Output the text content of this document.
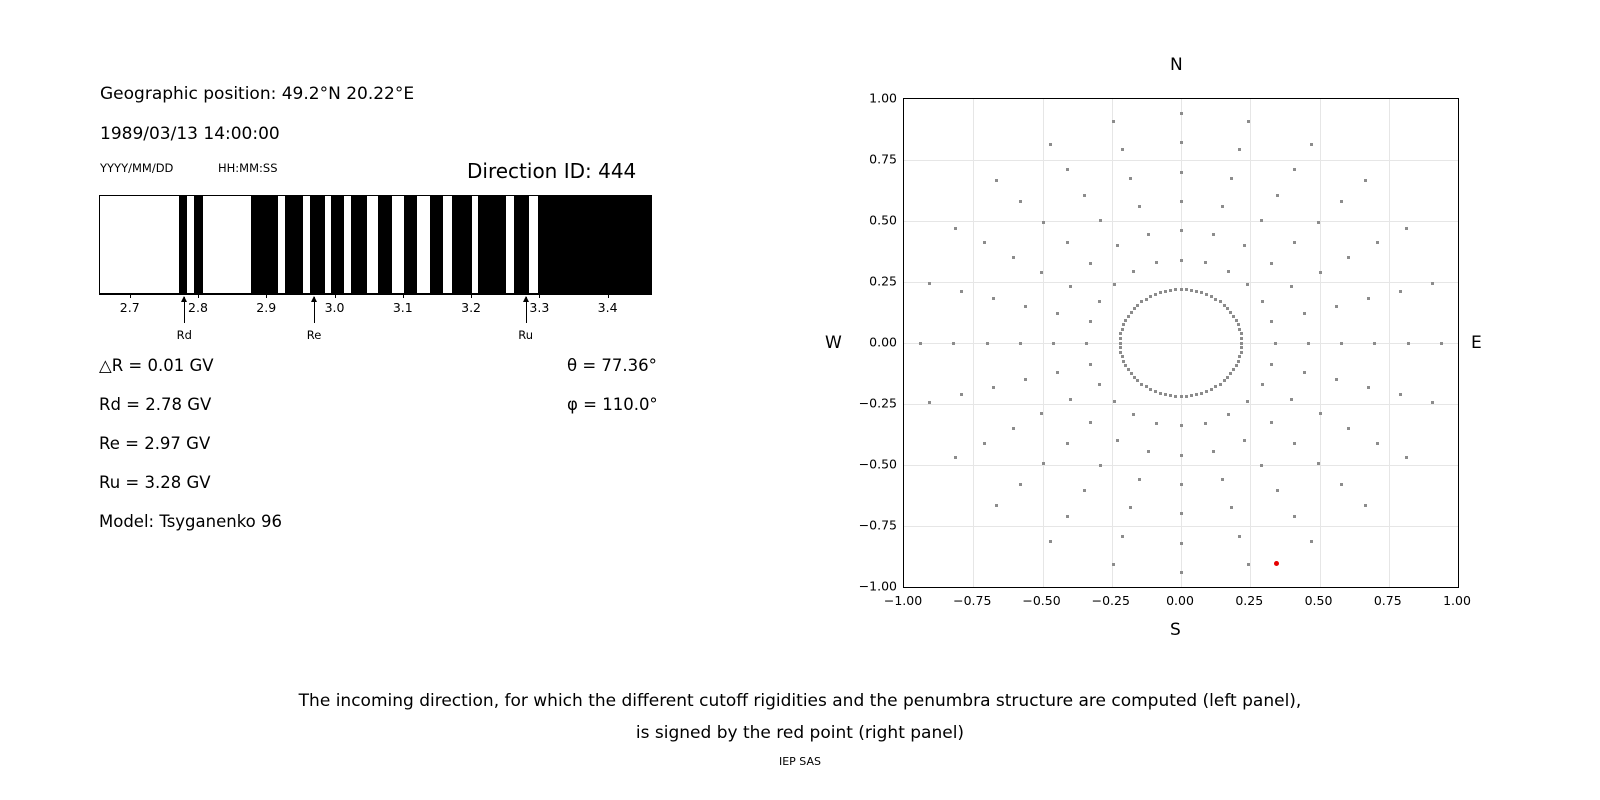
Geographic position: 49.2°N 20.22°E
1989/03/13 14:00:00
YYYY/MM/DD	HH:MM:SS	Direction ID: 444
2.7	2.8	2.9	3.0	3.1	3.2	3.3	3.4
Rd	Re	Ru
△R = 0.01 GV
Rd = 2.78 GV
Re = 2.97 GV
Ru = 3.28 GV
Model: Tsyganenko 96
θ = 77.36°
φ = 110.0°
N
S
E
W
−1.00 −0.75 −0.50 −0.25	0.00	0.25	0.50	0.75	1.00
−1.00
−0.75
−0.50
−0.25
0.00
0.25
0.50
0.75
1.00
The incoming direction, for which the different cutoff rigidities and the penumbra structure are computed (left panel),
is signed by the red point (right panel)
IEP SAS
